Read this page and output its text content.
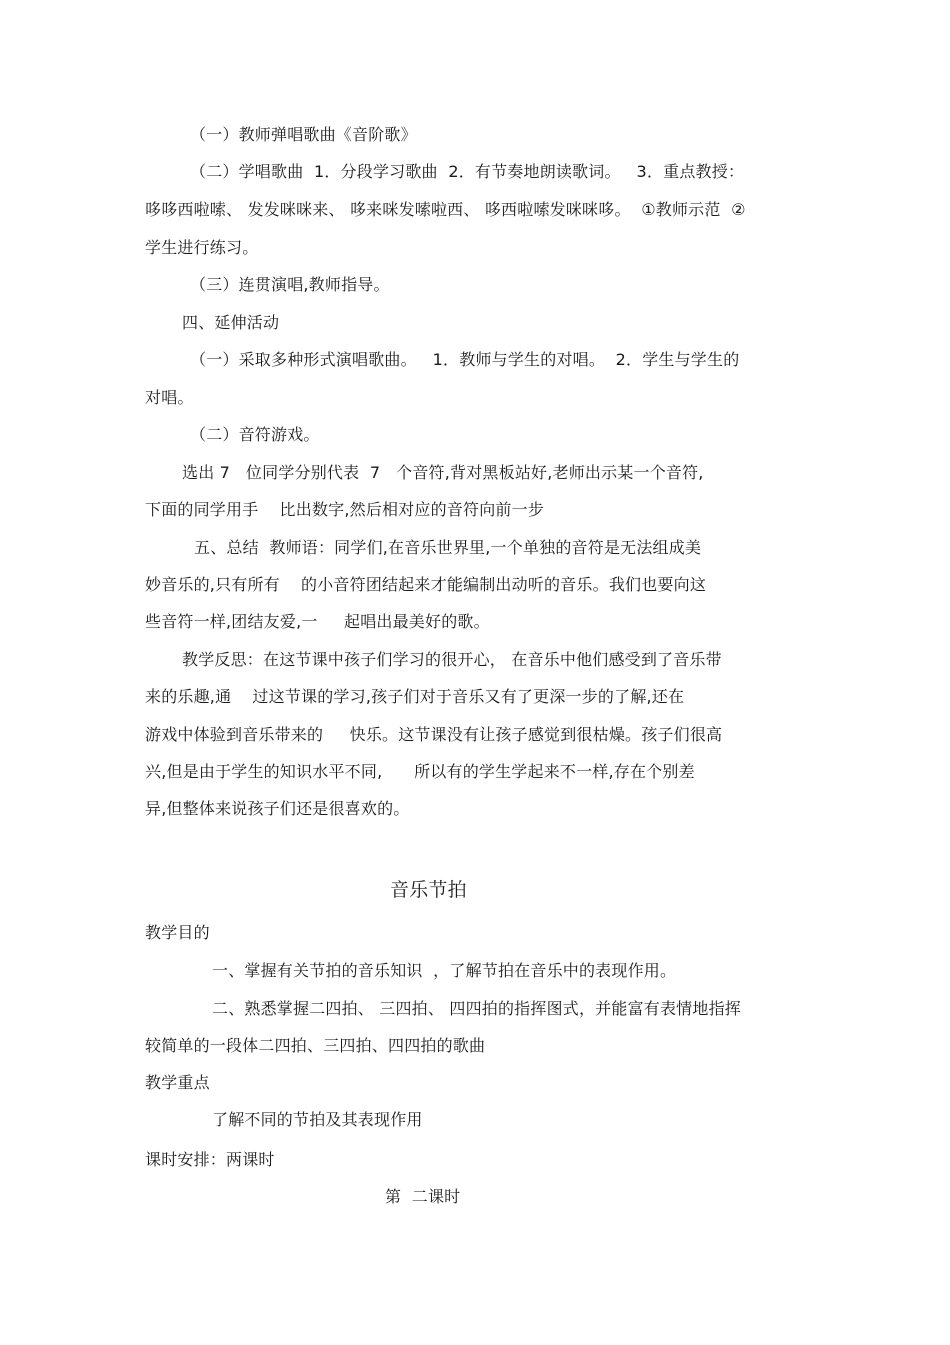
（一）教师弹唱歌曲《音阶歌》
（二）学唱歌曲  1．分段学习歌曲  2．有节奏地朗读歌词。   3．重点教授：
哆哆西啦嗦、 发发咪咪来、 哆来咪发嗦啦西、 哆西啦嗦发咪咪哆。  ①教师示范  ②
学生进行练习。
（三）连贯演唱,教师指导。
四、延伸活动
（一）采取多种形式演唱歌曲。   1．教师与学生的对唱。  2．学生与学生的
对唱。
（二）音符游戏。
选出 7   位同学分别代表  7   个音符,背对黑板站好,老师出示某一个音符,
下面的同学用手    比出数字,然后相对应的音符向前一步
五、总结  教师语：同学们,在音乐世界里,一个单独的音符是无法组成美
妙音乐的,只有所有    的小音符团结起来才能编制出动听的音乐。我们也要向这
些音符一样,团结友爱,一     起唱出最美好的歌。
教学反思：在这节课中孩子们学习的很开心， 在音乐中他们感受到了音乐带
来的乐趣,通    过这节课的学习,孩子们对于音乐又有了更深一步的了解,还在
游戏中体验到音乐带来的     快乐。这节课没有让孩子感觉到很枯燥。孩子们很高
兴,但是由于学生的知识水平不同,      所以有的学生学起来不一样,存在个别差
异,但整体来说孩子们还是很喜欢的。
音乐节拍
教学目的
一、掌握有关节拍的音乐知识  ，了解节拍在音乐中的表现作用。
二、熟悉掌握二四拍、 三四拍、 四四拍的指挥图式，并能富有表情地指挥
较简单的一段体二四拍、三四拍、四四拍的歌曲
教学重点
了解不同的节拍及其表现作用
课时安排：两课时
第  二课时
